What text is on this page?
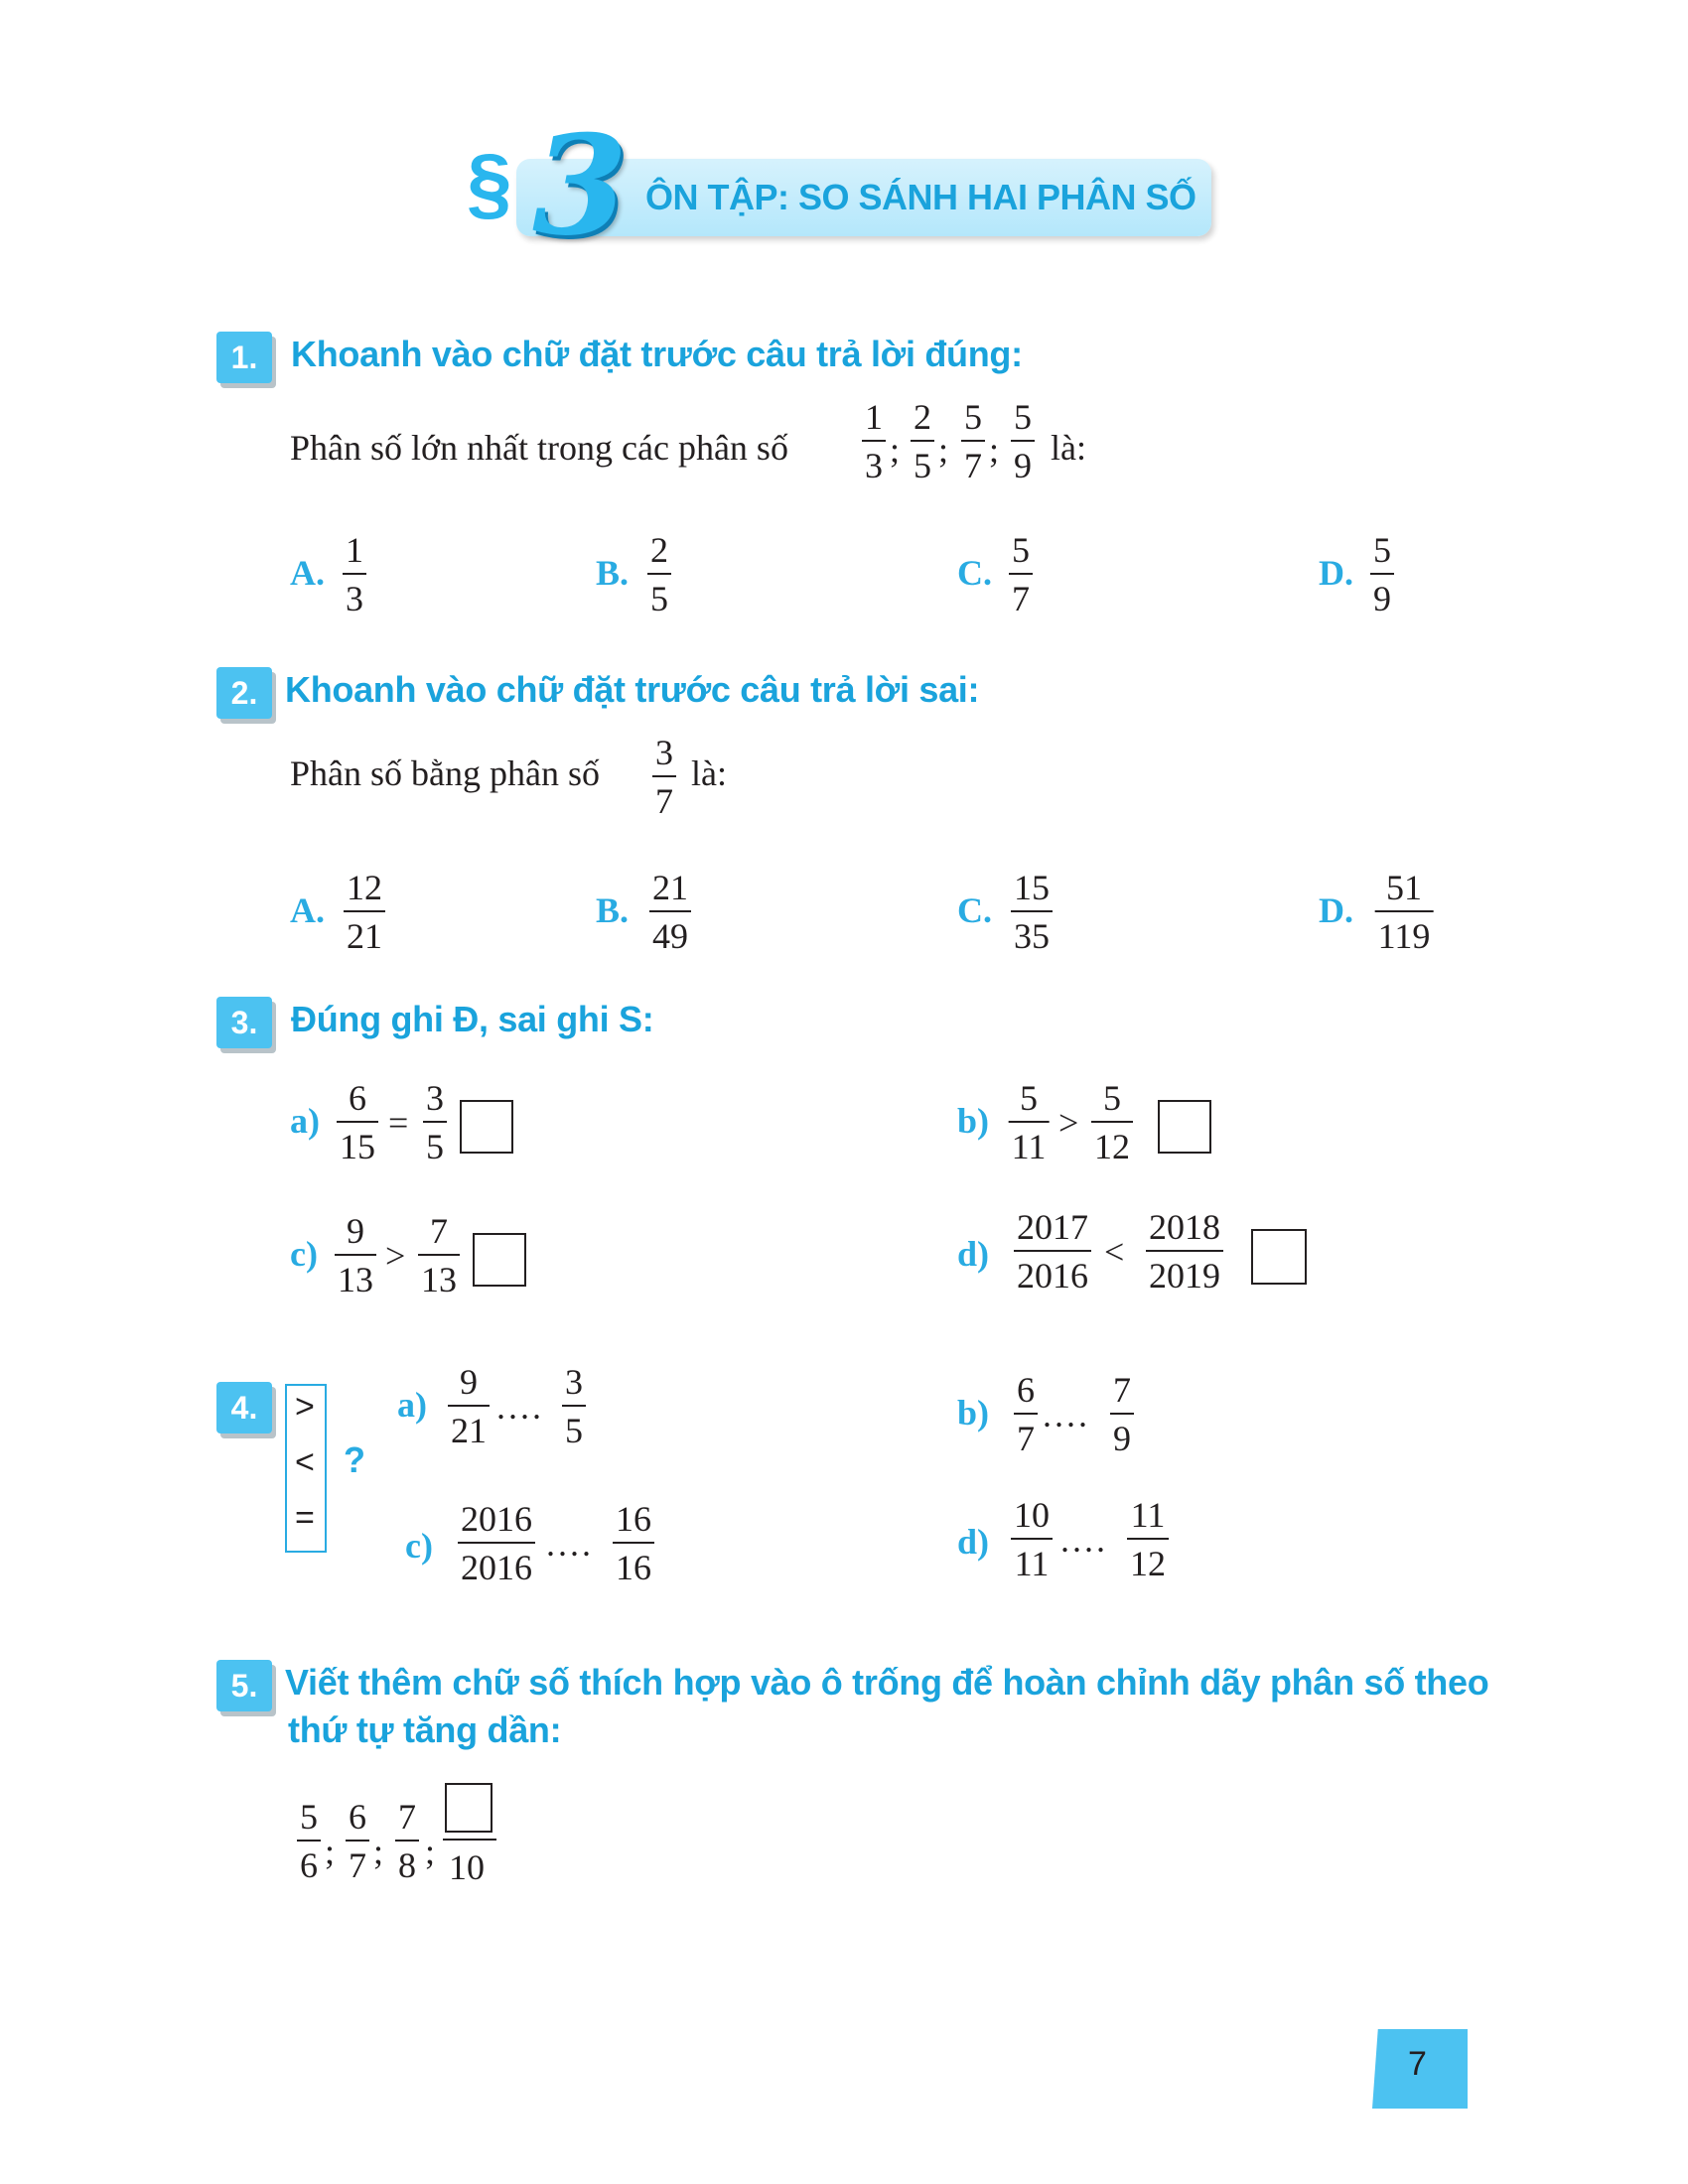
§ 3 ÔN TẬP: SO SÁNH HAI PHÂN SỐ
1. Khoanh vào chữ đặt trước câu trả lời đúng:
Phân số lớn nhất trong các phân số $\frac{1}{3}$ ; $\frac{2}{5}$ ; $\frac{5}{7}$ ; $\frac{5}{9}$ là:
A. $\frac{1}{3}$	B. $\frac{2}{5}$	C. $\frac{5}{7}$	D. $\frac{5}{9}$
2. Khoanh vào chữ đặt trước câu trả lời sai:
Phân số bằng phân số $\frac{3}{7}$ là:
A. $\frac{12}{21}$	B. $\frac{21}{49}$	C. $\frac{15}{35}$	D. $\frac{51}{119}$
3. Đúng ghi Đ, sai ghi S:
$a) \frac{6}{15} = \frac{3}{5}$	$b) \frac{5}{11} > \frac{5}{12}$
$c) \frac{9}{13} > \frac{7}{13}$	$d) \frac{2017}{2016} < \frac{2018}{2019}$
4.	>
<
=
?
$a) \frac{9}{21}$ .... $\frac{3}{5}$	$b) \frac{6}{7}$ .... $\frac{7}{9}$
$c) \frac{2016}{2016}$ .... $\frac{16}{16}$	$d) \frac{10}{11}$ .... $\frac{11}{12}$
5. Viết thêm chữ số thích hợp vào ô trống để hoàn chỉnh dãy phân số theo
thứ tự tăng dần:
$\frac{5}{6}$ ; $\frac{6}{7}$ ; $\frac{7}{8}$ ; 10
7
